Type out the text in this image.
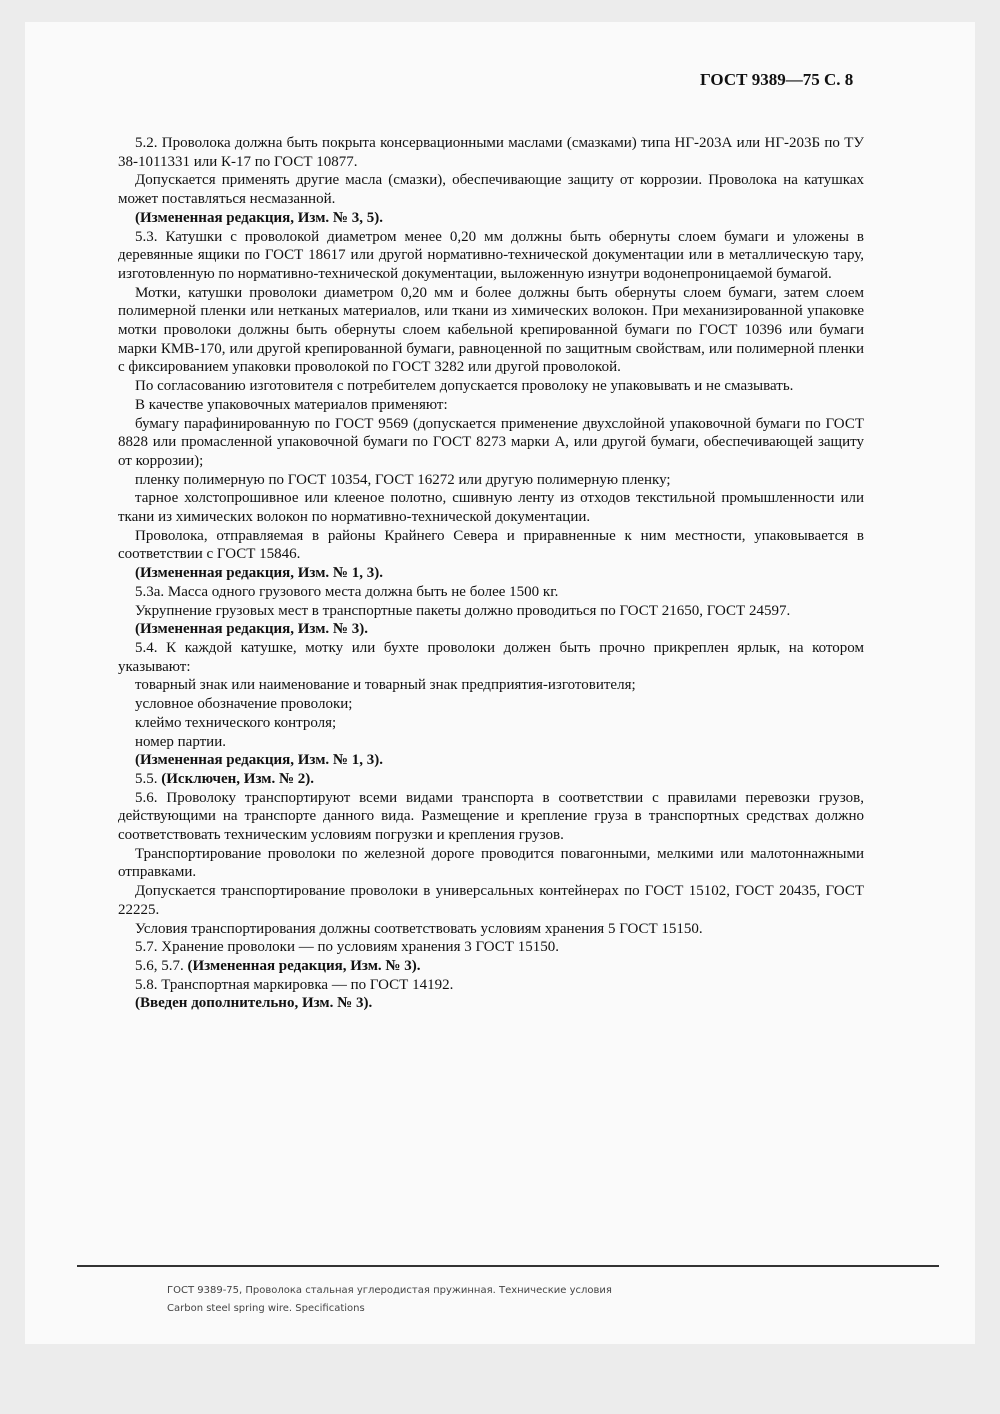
ГОСТ 9389—75 С. 8

5.2. Проволока должна быть покрыта консервационными маслами (смазками) типа НГ-203А или НГ-203Б по ТУ 38-1011331 или К-17 по ГОСТ 10877.

Допускается применять другие масла (смазки), обеспечивающие защиту от коррозии. Проволока на катушках может поставляться несмазанной.

(Измененная редакция, Изм. № 3, 5).

5.3. Катушки с проволокой диаметром менее 0,20 мм должны быть обернуты слоем бумаги и уложены в деревянные ящики по ГОСТ 18617 или другой нормативно-технической документации или в металлическую тару, изготовленную по нормативно-технической документации, выложенную изнутри водонепроницаемой бумагой.

Мотки, катушки проволоки диаметром 0,20 мм и более должны быть обернуты слоем бумаги, затем слоем полимерной пленки или нетканых материалов, или ткани из химических волокон. При механизированной упаковке мотки проволоки должны быть обернуты слоем кабельной крепированной бумаги по ГОСТ 10396 или бумаги марки КМВ-170, или другой крепированной бумаги, равноценной по защитным свойствам, или полимерной пленки с фиксированием упаковки проволокой по ГОСТ 3282 или другой проволокой.

По согласованию изготовителя с потребителем допускается проволоку не упаковывать и не смазывать.

В качестве упаковочных материалов применяют:

бумагу парафинированную по ГОСТ 9569 (допускается применение двухслойной упаковочной бумаги по ГОСТ 8828 или промасленной упаковочной бумаги по ГОСТ 8273 марки А, или другой бумаги, обеспечивающей защиту от коррозии);

пленку полимерную по ГОСТ 10354, ГОСТ 16272 или другую полимерную пленку;

тарное холстопрошивное или клееное полотно, сшивную ленту из отходов текстильной промышленности или ткани из химических волокон по нормативно-технической документации.

Проволока, отправляемая в районы Крайнего Севера и приравненные к ним местности, упаковывается в соответствии с ГОСТ 15846.

(Измененная редакция, Изм. № 1, 3).

5.3а. Масса одного грузового места должна быть не более 1500 кг.

Укрупнение грузовых мест в транспортные пакеты должно проводиться по ГОСТ 21650, ГОСТ 24597.

(Измененная редакция, Изм. № 3).

5.4. К каждой катушке, мотку или бухте проволоки должен быть прочно прикреплен ярлык, на котором указывают:

товарный знак или наименование и товарный знак предприятия-изготовителя;

условное обозначение проволоки;

клеймо технического контроля;

номер партии.

(Измененная редакция, Изм. № 1, 3).

5.5. (Исключен, Изм. № 2).

5.6. Проволоку транспортируют всеми видами транспорта в соответствии с правилами перевозки грузов, действующими на транспорте данного вида. Размещение и крепление груза в транспортных средствах должно соответствовать техническим условиям погрузки и крепления грузов.

Транспортирование проволоки по железной дороге проводится повагонными, мелкими или малотоннажными отправками.

Допускается транспортирование проволоки в универсальных контейнерах по ГОСТ 15102, ГОСТ 20435, ГОСТ 22225.

Условия транспортирования должны соответствовать условиям хранения 5 ГОСТ 15150.

5.7. Хранение проволоки — по условиям хранения 3 ГОСТ 15150.

5.6, 5.7. (Измененная редакция, Изм. № 3).

5.8. Транспортная маркировка — по ГОСТ 14192.

(Введен дополнительно, Изм. № 3).

ГОСТ 9389-75, Проволока стальная углеродистая пружинная. Технические условия
Carbon steel spring wire. Specifications
